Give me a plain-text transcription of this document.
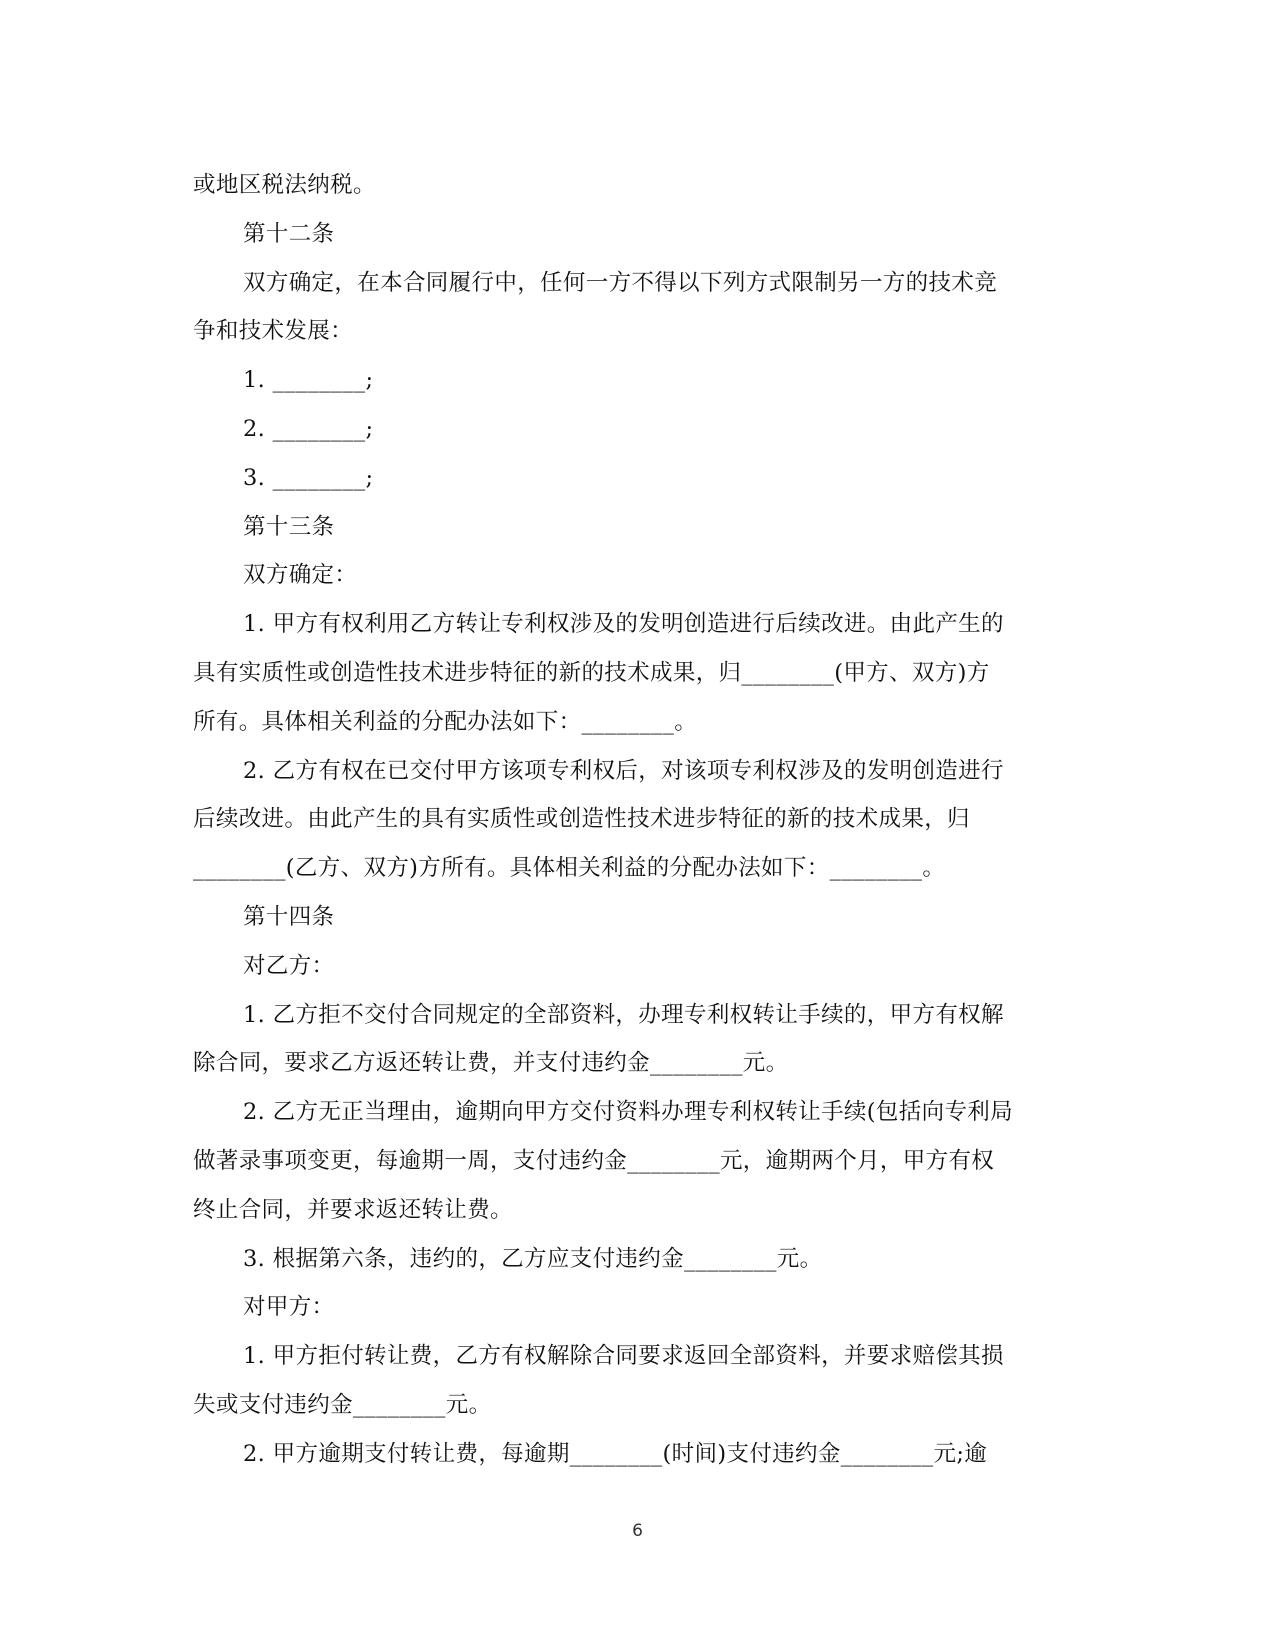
或地区税法纳税。
第十二条
双方确定，在本合同履行中，任何一方不得以下列方式限制另一方的技术竞
争和技术发展：
1. ________;
2. ________;
3. ________;
第十三条
双方确定：
1. 甲方有权利用乙方转让专利权涉及的发明创造进行后续改进。由此产生的
具有实质性或创造性技术进步特征的新的技术成果，归________(甲方、双方)方
所有。具体相关利益的分配办法如下：________。
2. 乙方有权在已交付甲方该项专利权后，对该项专利权涉及的发明创造进行
后续改进。由此产生的具有实质性或创造性技术进步特征的新的技术成果，归
________(乙方、双方)方所有。具体相关利益的分配办法如下：________。
第十四条
对乙方：
1. 乙方拒不交付合同规定的全部资料，办理专利权转让手续的，甲方有权解
除合同，要求乙方返还转让费，并支付违约金________元。
2. 乙方无正当理由，逾期向甲方交付资料办理专利权转让手续(包括向专利局
做著录事项变更，每逾期一周，支付违约金________元，逾期两个月，甲方有权
终止合同，并要求返还转让费。
3. 根据第六条，违约的，乙方应支付违约金________元。
对甲方：
1. 甲方拒付转让费，乙方有权解除合同要求返回全部资料，并要求赔偿其损
失或支付违约金________元。
2. 甲方逾期支付转让费，每逾期________(时间)支付违约金________元;逾
6
